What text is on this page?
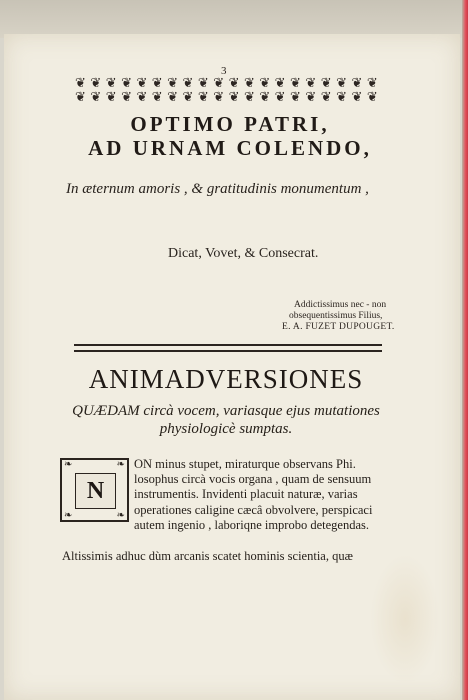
3
❦
❦
❦
❦
❦
❦
❦
❦
❦
❦
❦
❦
❦
❦
❦
❦
❦
❦
❦
❦
❦
❦
❦
❦
❦
❦
❦
❦
❦
❦
❦
❦
❦
❦
❦
❦
❦
❦
❦
❦
OPTIMO PATRI,
AD URNAM COLENDO,
In æternum amoris , & gratitudinis monumentum ,
Dicat, Vovet, & Consecrat.
Addictissimus nec - non
obsequentissimus Filius,
E. A. FUZET DUPOUGET.
ANIMADVERSIONES
QUÆDAM circà vocem, variasque ejus mutationes
physiologicè sumptas.
❧	❧
❧	❧
N
ON minus stupet, miraturque observans Phi.
losophus circà vocis organa , quam de sensuum
instrumentis. Invidenti placuit naturæ, varias
operationes caligine cæcâ obvolvere, perspicaci
autem ingenio , laboriqne improbo detegendas.
Altissimis adhuc dùm arcanis scatet hominis scientia, quæ
